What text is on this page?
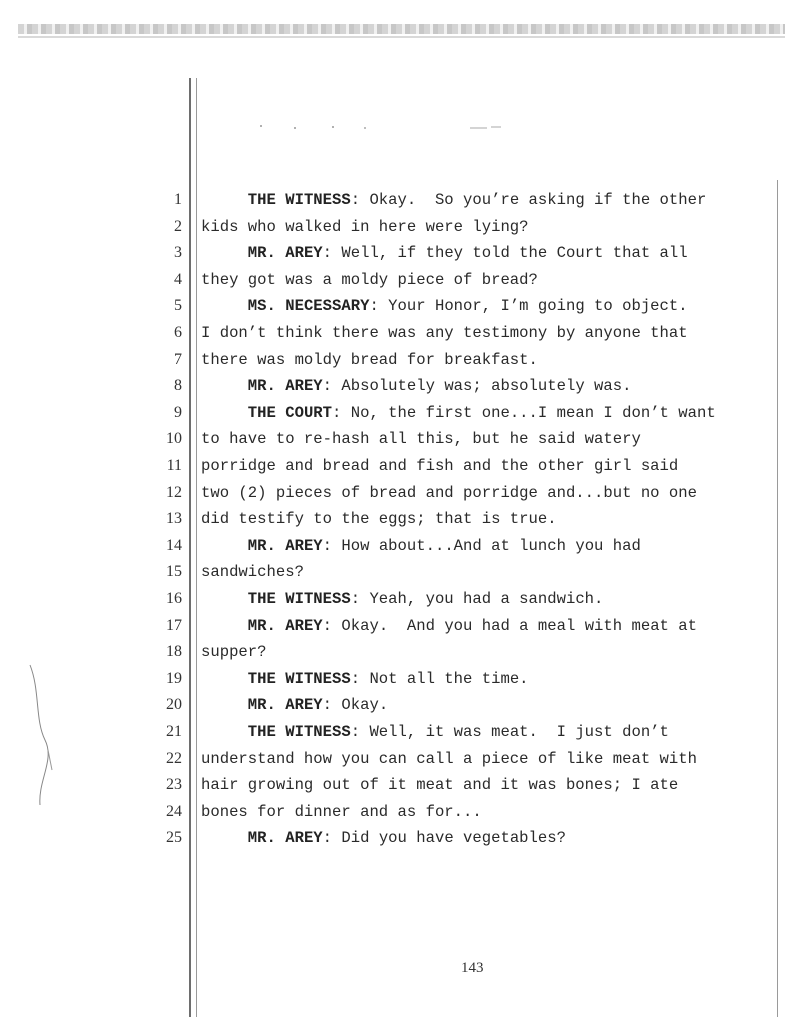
1	THE WITNESS: Okay.  So you’re asking if the other
2 kids who walked in here were lying?
3	MR. AREY: Well, if they told the Court that all
4 they got was a moldy piece of bread?
5	MS. NECESSARY: Your Honor, I’m going to object.
6 I don’t think there was any testimony by anyone that
7 there was moldy bread for breakfast.
8	MR. AREY: Absolutely was; absolutely was.
9	THE COURT: No, the first one...I mean I don’t want
10 to have to re-hash all this, but he said watery
11 porridge and bread and fish and the other girl said
12 two (2) pieces of bread and porridge and...but no one
13 did testify to the eggs; that is true.
14	MR. AREY: How about...And at lunch you had
15 sandwiches?
16	THE WITNESS: Yeah, you had a sandwich.
17	MR. AREY: Okay.  And you had a meal with meat at
18 supper?
19	THE WITNESS: Not all the time.
20	MR. AREY: Okay.
21	THE WITNESS: Well, it was meat.  I just don’t
22 understand how you can call a piece of like meat with
23 hair growing out of it meat and it was bones; I ate
24 bones for dinner and as for...
25	MR. AREY: Did you have vegetables?
143
